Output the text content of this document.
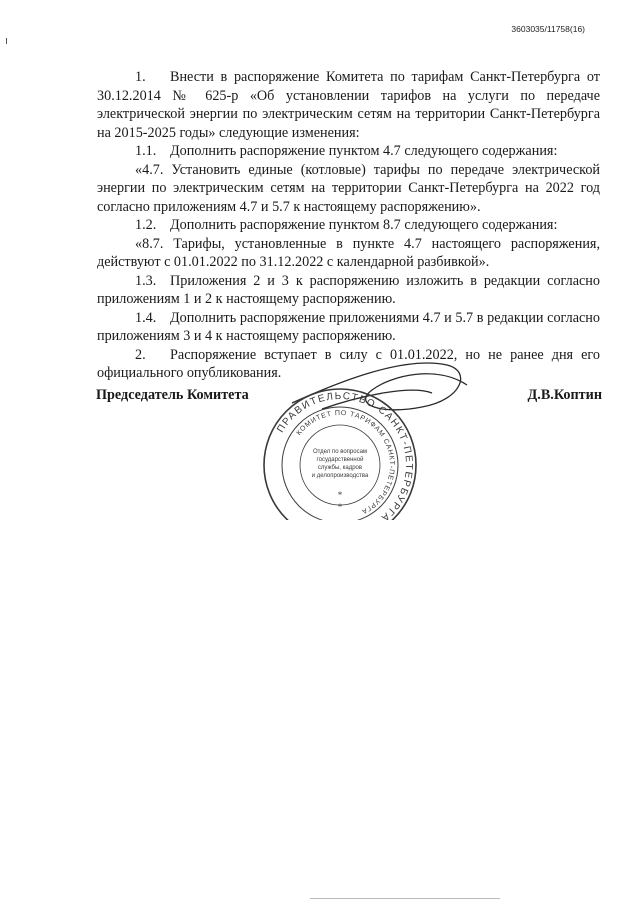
3603035/11758(16)

1. Внести в распоряжение Комитета по тарифам Санкт-Петербурга от 30.12.2014 № 625-р «Об установлении тарифов на услуги по передаче электрической энергии по электрическим сетям на территории Санкт-Петербурга на 2015-2025 годы» следующие изменения:

1.1. Дополнить распоряжение пунктом 4.7 следующего содержания:

«4.7. Установить единые (котловые) тарифы по передаче электрической энергии по электрическим сетям на территории Санкт-Петербурга на 2022 год согласно приложениям 4.7 и 5.7 к настоящему распоряжению».

1.2. Дополнить распоряжение пунктом 8.7 следующего содержания:

«8.7. Тарифы, установленные в пункте 4.7 настоящего распоряжения, действуют с 01.01.2022 по 31.12.2022 с календарной разбивкой».

1.3. Приложения 2 и 3 к распоряжению изложить в редакции согласно приложениям 1 и 2 к настоящему распоряжению.

1.4. Дополнить распоряжение приложениями 4.7 и 5.7 в редакции согласно приложениям 3 и 4 к настоящему распоряжению.

2. Распоряжение вступает в силу с 01.01.2022, но не ранее дня его официального опубликования.

Председатель Комитета	Д.В.Коптин
ПРАВИТЕЛЬСТВО САНКТ-ПЕТЕРБУРГА
КОМИТЕТ ПО ТАРИФАМ САНКТ-ПЕТЕРБУРГА
Отдел по вопросам
государственной
службы, кадров
и делопроизводства
*
*
